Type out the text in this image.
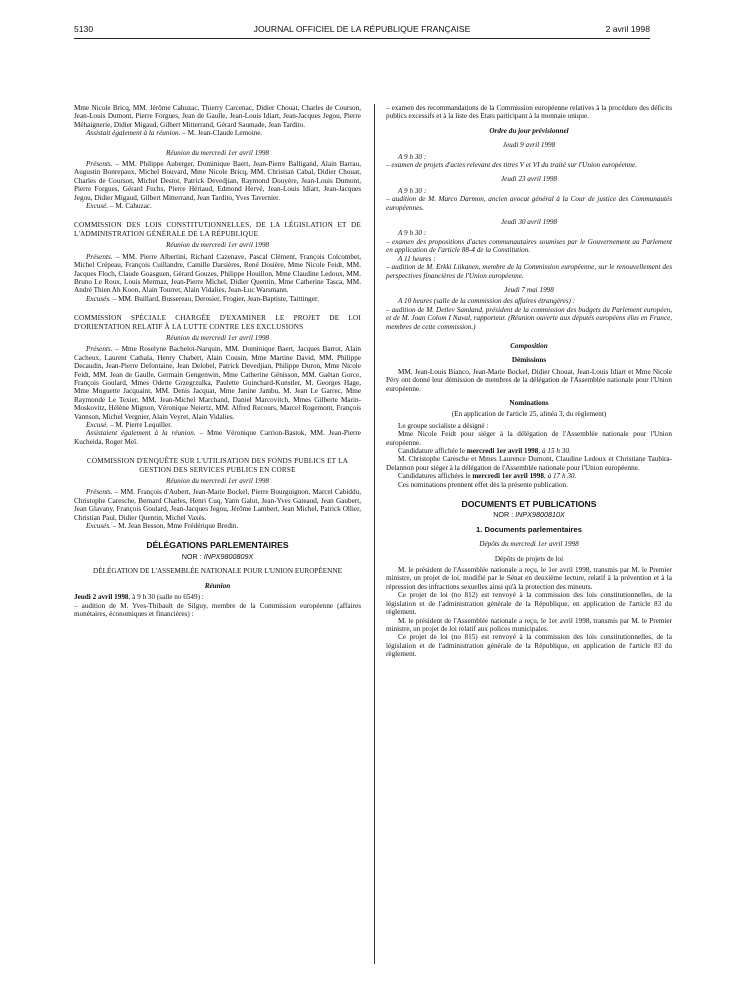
5130	JOURNAL OFFICIEL DE LA RÉPUBLIQUE FRANÇAISE	2 avril 1998

Mme Nicole Bricq, MM. Jérôme Cahuzac, Thierry Carcenac, Didier Chouat, Charles de Courson, Jean-Louis Dumont, Pierre Forgues, Jean de Gaulle, Jean-Louis Idiart, Jean-Jacques Jegou, Pierre Méhaignerie, Didier Migaud, Gilbert Mitterrand, Gérard Saumade, Jean Tardito.

Assistait également à la réunion. – M. Jean-Claude Lemoine.

Réunion du mercredi 1er avril 1998

Présents. – MM. Philippe Auberger, Dominique Baert, Jean-Pierre Balligand, Alain Barrau, Augustin Bonrepaux, Michel Bouvard, Mme Nicole Bricq, MM. Christian Cabal, Didier Chouat, Charles de Courson, Michel Destot, Patrick Devedjian, Raymond Douyère, Jean-Louis Dumont, Pierre Forgues, Gérard Fuchs, Pierre Hériaud, Edmond Hervé, Jean-Louis Idiart, Jean-Jacques Jegou, Didier Migaud, Gilbert Mitterrand, Jean Tardito, Yves Tavernier.

Excusé. – M. Cahuzac.

COMMISSION DES LOIS CONSTITUTIONNELLES, DE LA LÉGISLATION ET DE L'ADMINISTRATION GÉNÉRALE DE LA RÉPUBLIQUE

Réunion du mercredi 1er avril 1998

Présents. – MM. Pierre Albertini, Richard Cazenave, Pascal Clément, François Colcombet, Michel Crépeau, François Cuillandre, Camille Darsières, René Dosière, Mme Nicole Feidt, MM. Jacques Floch, Claude Goasguen, Gérard Gouzes, Philippe Houillon, Mme Claudine Ledoux, MM. Bruno Le Roux, Louis Mermaz, Jean-Pierre Michel, Didier Quentin, Mme Catherine Tasca, MM. André Thien Ah Koon, Alain Tourret, Alain Vidalies, Jean-Luc Warsmann.

Excusés. – MM. Buillard, Bussereau, Derosier, Frogier, Jean-Baptiste, Taittinger.

COMMISSION SPÉCIALE CHARGÉE D'EXAMINER LE PROJET DE LOI D'ORIENTATION RELATIF À LA LUTTE CONTRE LES EXCLUSIONS

Réunion du mercredi 1er avril 1998

Présents. – Mme Roselyne Bachelot-Narquin, MM. Dominique Baert, Jacques Barrot, Alain Cacheux, Laurent Cathala, Henry Chabert, Alain Cousin, Mme Martine David, MM. Philippe Decaudin, Jean-Pierre Defontaine, Jean Delobel, Patrick Devedjian, Philippe Duron, Mme Nicole Feidt, MM. Jean de Gaulle, Germain Gengenwin, Mme Catherine Génisson, MM. Gaëtan Gorce, François Goulard, Mmes Odette Grzegrzulka, Paulette Guinchard-Kunstler, M. Georges Hage, Mme Muguette Jacquaint, MM. Denis Jacquat, Mme Janine Jambu, M. Jean Le Garrec, Mme Raymonde Le Texier, MM. Jean-Michel Marchand, Daniel Marcovitch, Mmes Gilberte Marin-Moskovitz, Hélène Mignon, Véronique Neiertz, MM. Alfred Recours, Marcel Rogemont, François Vannson, Michel Vergnier, Alain Veyret, Alain Vidalies.

Excusé. – M. Pierre Lequiller.

Assistaient également à la réunion. – Mme Véronique Carrion-Bastok, MM. Jean-Pierre Kucheida, Roger Meï.

COMMISSION D'ENQUÊTE SUR L'UTILISATION DES FONDS PUBLICS ET LA GESTION DES SERVICES PUBLICS EN CORSE

Réunion du mercredi 1er avril 1998

Présents. – MM. François d'Aubert, Jean-Marie Bockel, Pierre Bourguignon, Marcel Cabiddu, Christophe Caresche, Bernard Charles, Henri Cuq, Yann Galut, Jean-Yves Gateaud, Jean Gaubert, Jean Glavany, François Goulard, Jean-Jacques Jegou, Jérôme Lambert, Jean Michel, Patrick Ollier, Christian Paul, Didier Quentin, Michel Vaxès.

Excusés. – M. Jean Besson, Mme Frédérique Bredin.

DÉLÉGATIONS PARLEMENTAIRES

NOR : INPX9800809X

DÉLÉGATION DE L'ASSEMBLÉE NATIONALE POUR L'UNION EUROPÉENNE

Réunion

Jeudi 2 avril 1998, à 9 h 30 (salle no 6549) :

– audition de M. Yves-Thibault de Silguy, membre de la Commission européenne (affaires monétaires, économiques et financières) :

– examen des recommandations de la Commission européenne relatives à la procédure des déficits publics excessifs et à la liste des Etats participant à la monnaie unique.

Ordre du jour prévisionnel

Jeudi 9 avril 1998

A 9 h 30 :

– examen de projets d'actes relevant des titres V et VI du traité sur l'Union européenne.

Jeudi 23 avril 1998

A 9 h 30 :

– audition de M. Marco Darmon, ancien avocat général à la Cour de justice des Communautés européennes.

Jeudi 30 avril 1998

A 9 h 30 :

– examen des propositions d'actes communautaires soumises par le Gouvernement au Parlement en application de l'article 88-4 de la Constitution.

A 11 heures :

– audition de M. Erkki Liikanen, membre de la Commission européenne, sur le renouvellement des perspectives financières de l'Union européenne.

Jeudi 7 mai 1998

A 10 heures (salle de la commission des affaires étrangères) :

– audition de M. Detlev Samland, président de la commission des budgets du Parlement européen, et de M. Joan Colom I Naval, rapporteur. (Réunion ouverte aux députés européens élus en France, membres de cette commission.)

Composition

Démissions

MM. Jean-Louis Bianco, Jean-Marie Bockel, Didier Chouat, Jean-Louis Idiart et Mme Nicole Péry ont donné leur démission de membres de la délégation de l'Assemblée nationale pour l'Union européenne.

Nominations

(En application de l'article 25, alinéa 3, du règlement)

Le groupe socialiste a désigné :

Mme Nicole Feidt pour siéger à la délégation de l'Assemblée nationale pour l'Union européenne.

Candidature affichée le mercredi 1er avril 1998, à 15 h 30.

M. Christophe Caresche et Mmes Laurence Dumont, Claudine Ledoux et Christiane Taubira-Delannon pour siéger à la délégation de l'Assemblée nationale pour l'Union européenne.

Candidatures affichées le mercredi 1er avril 1998, à 17 h 30.

Ces nominations prennent effet dès la présente publication.

DOCUMENTS ET PUBLICATIONS

NOR : INPX9800810X

1. Documents parlementaires

Dépôts du mercredi 1er avril 1998

Dépôts de projets de loi

M. le président de l'Assemblée nationale a reçu, le 1er avril 1998, transmis par M. le Premier ministre, un projet de loi, modifié par le Sénat en deuxième lecture, relatif à la prévention et à la répression des infractions sexuelles ainsi qu'à la protection des mineurs.

Ce projet de loi (no 812) est renvoyé à la commission des lois constitutionnelles, de la législation et de l'administration générale de la République, en application de l'article 83 du règlement.

M. le président de l'Assemblée nationale a reçu, le 1er avril 1998, transmis par M. le Premier ministre, un projet de loi relatif aux polices municipales.

Ce projet de loi (no 815) est renvoyé à la commission des lois constitutionnelles, de la législation et de l'administration générale de la République, en application de l'article 83 du règlement.
